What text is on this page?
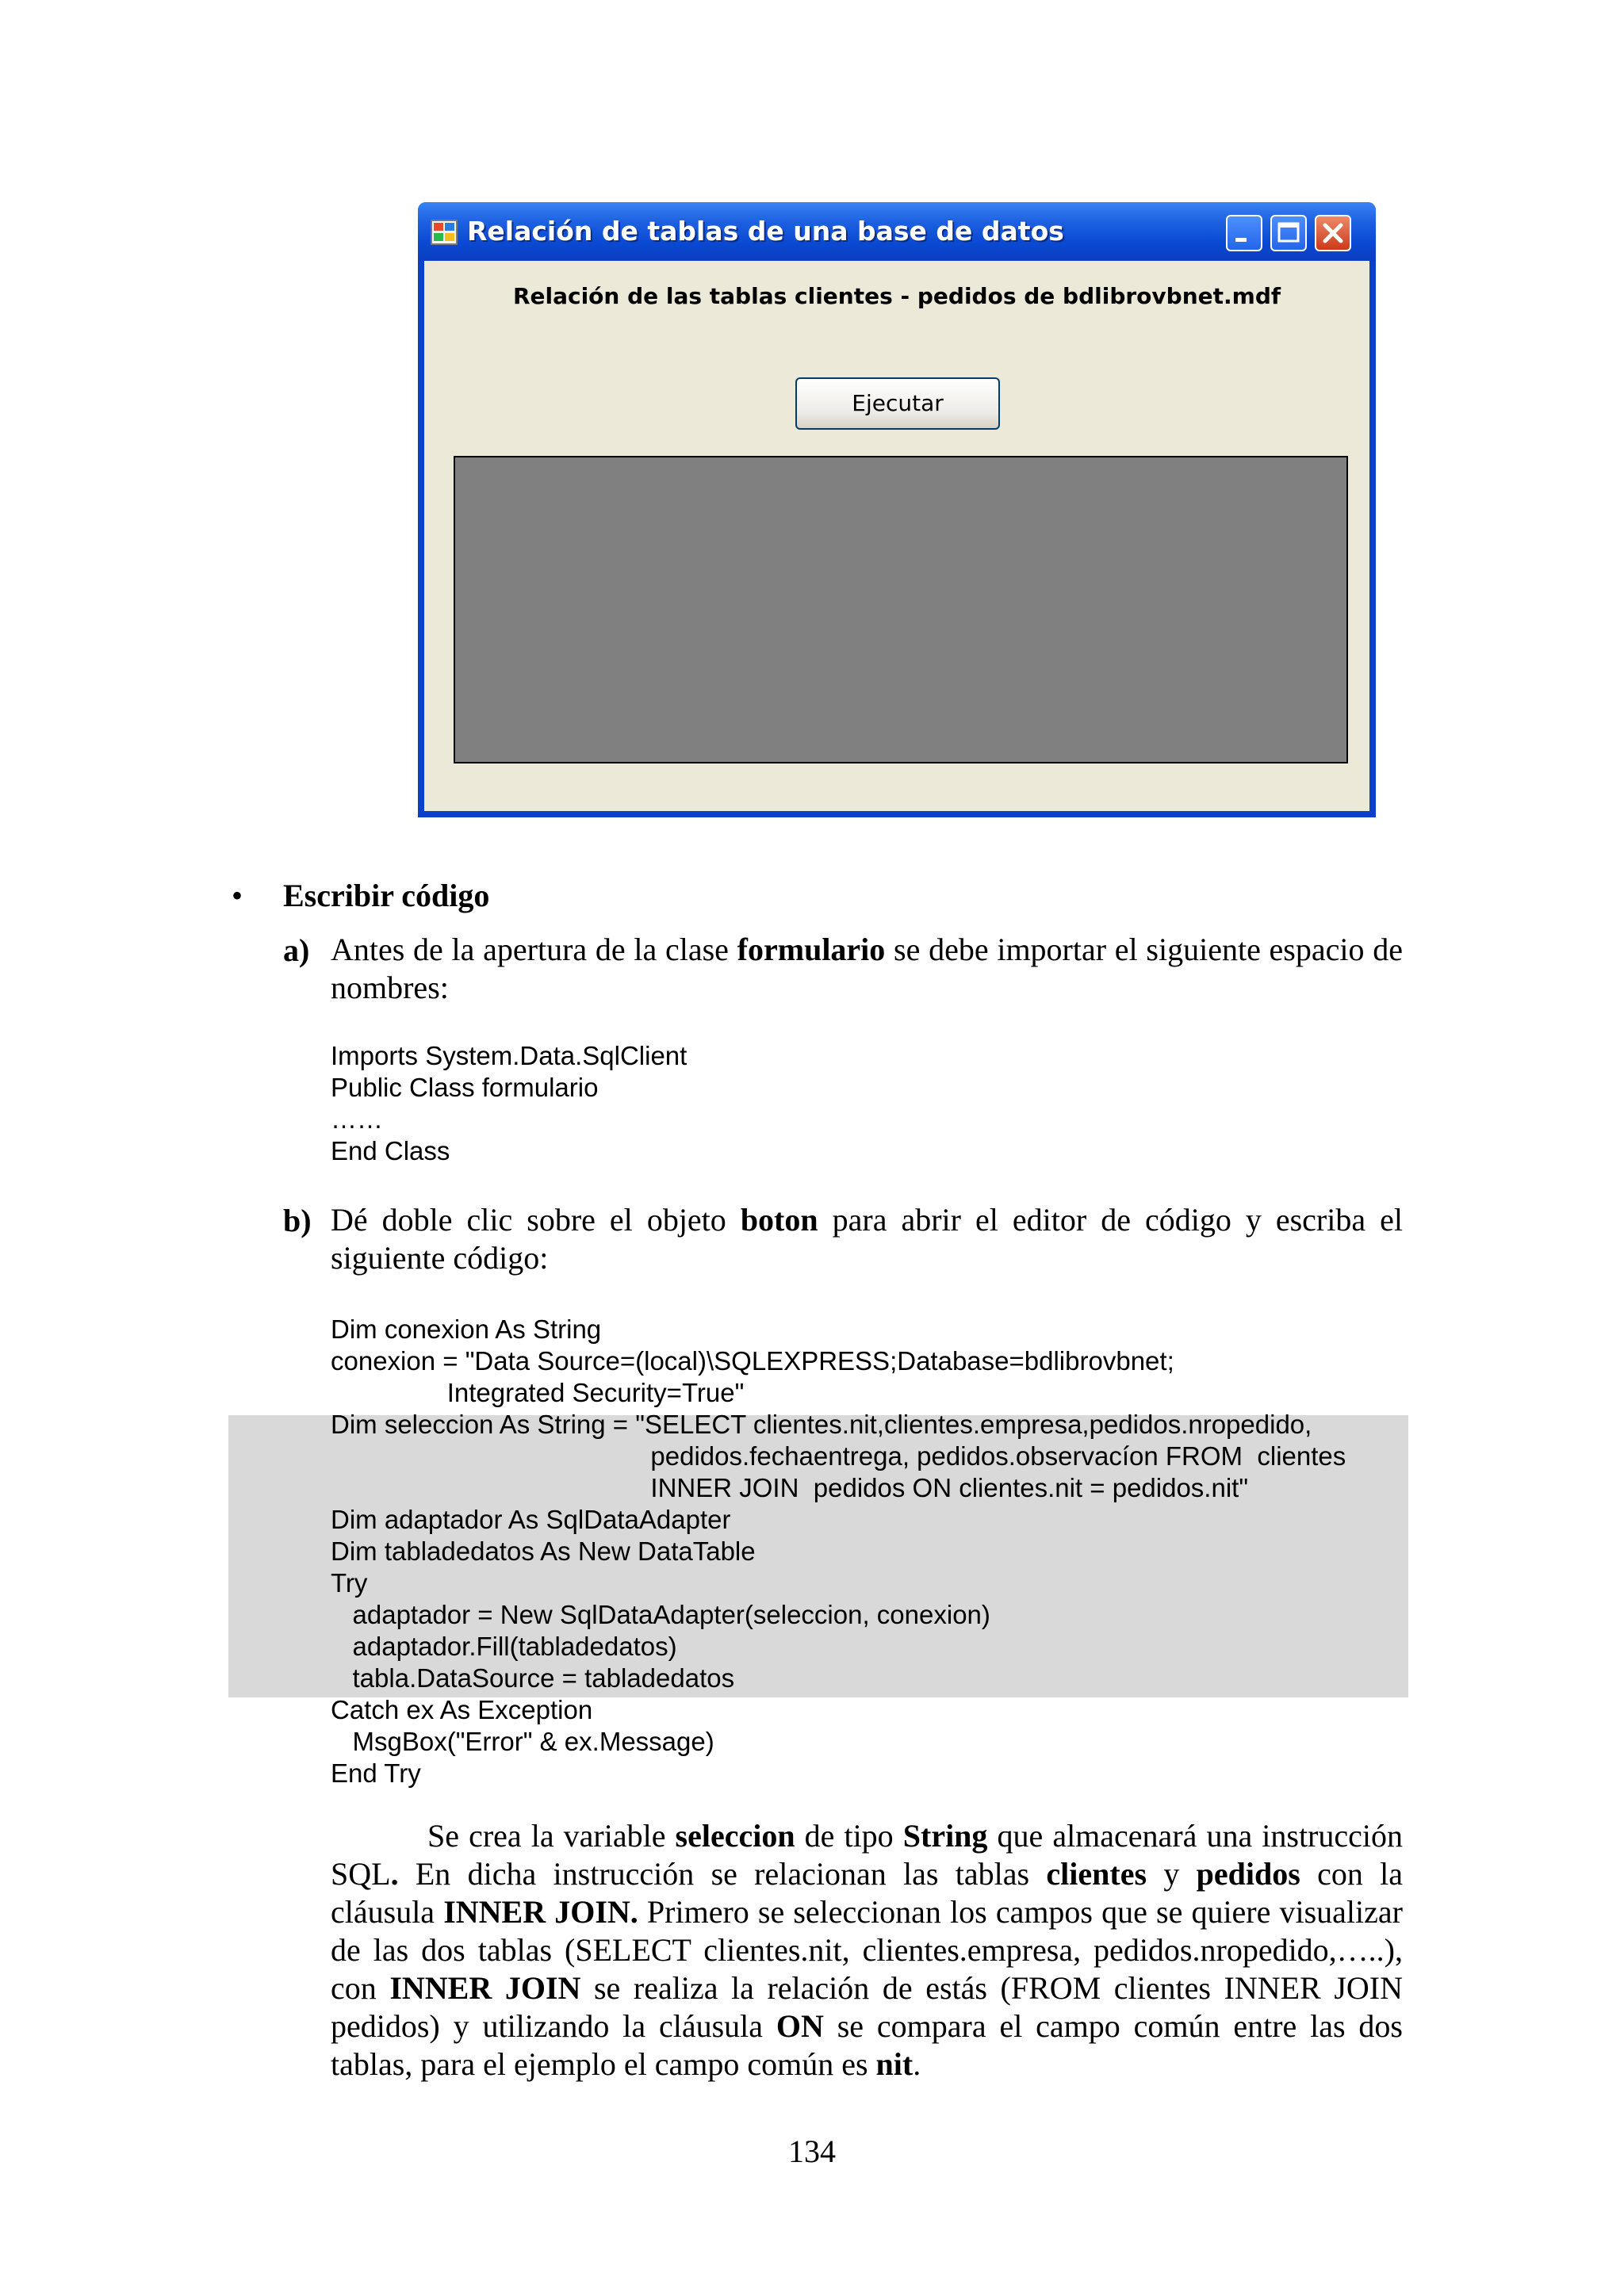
Relación de tablas de una base de datos
Relación de las tablas clientes - pedidos de bdlibrovbnet.mdf
Ejecutar
• Escribir código
a) Antes de la apertura de la clase formulario se debe importar el siguiente espacio de nombres:
Imports System.Data.SqlClient
Public Class formulario
……
End Class
b) Dé doble clic sobre el objeto boton para abrir el editor de código y escriba el siguiente código:
Dim conexion As String
conexion = "Data Source=(local)\SQLEXPRESS;Database=bdlibrovbnet;
Integrated Security=True"
Dim seleccion As String = "SELECT clientes.nit,clientes.empresa,pedidos.nropedido,
pedidos.fechaentrega, pedidos.observacíon FROM  clientes
INNER JOIN  pedidos ON clientes.nit = pedidos.nit"
Dim adaptador As SqlDataAdapter
Dim tabladedatos As New DataTable
Try
adaptador = New SqlDataAdapter(seleccion, conexion)
adaptador.Fill(tabladedatos)
tabla.DataSource = tabladedatos
Catch ex As Exception
MsgBox("Error" & ex.Message)
End Try
Se crea la variable seleccion de tipo String que almacenará una instrucción SQL. En dicha instrucción se relacionan las tablas clientes y pedidos con la cláusula INNER JOIN. Primero se seleccionan los campos que se quiere visualizar de las dos tablas (SELECT clientes.nit, clientes.empresa, pedidos.nropedido,…..), con INNER JOIN se realiza la relación de estás (FROM clientes INNER JOIN pedidos) y utilizando la cláusula ON se compara el campo común entre las dos tablas, para el ejemplo el campo común es nit.
134
